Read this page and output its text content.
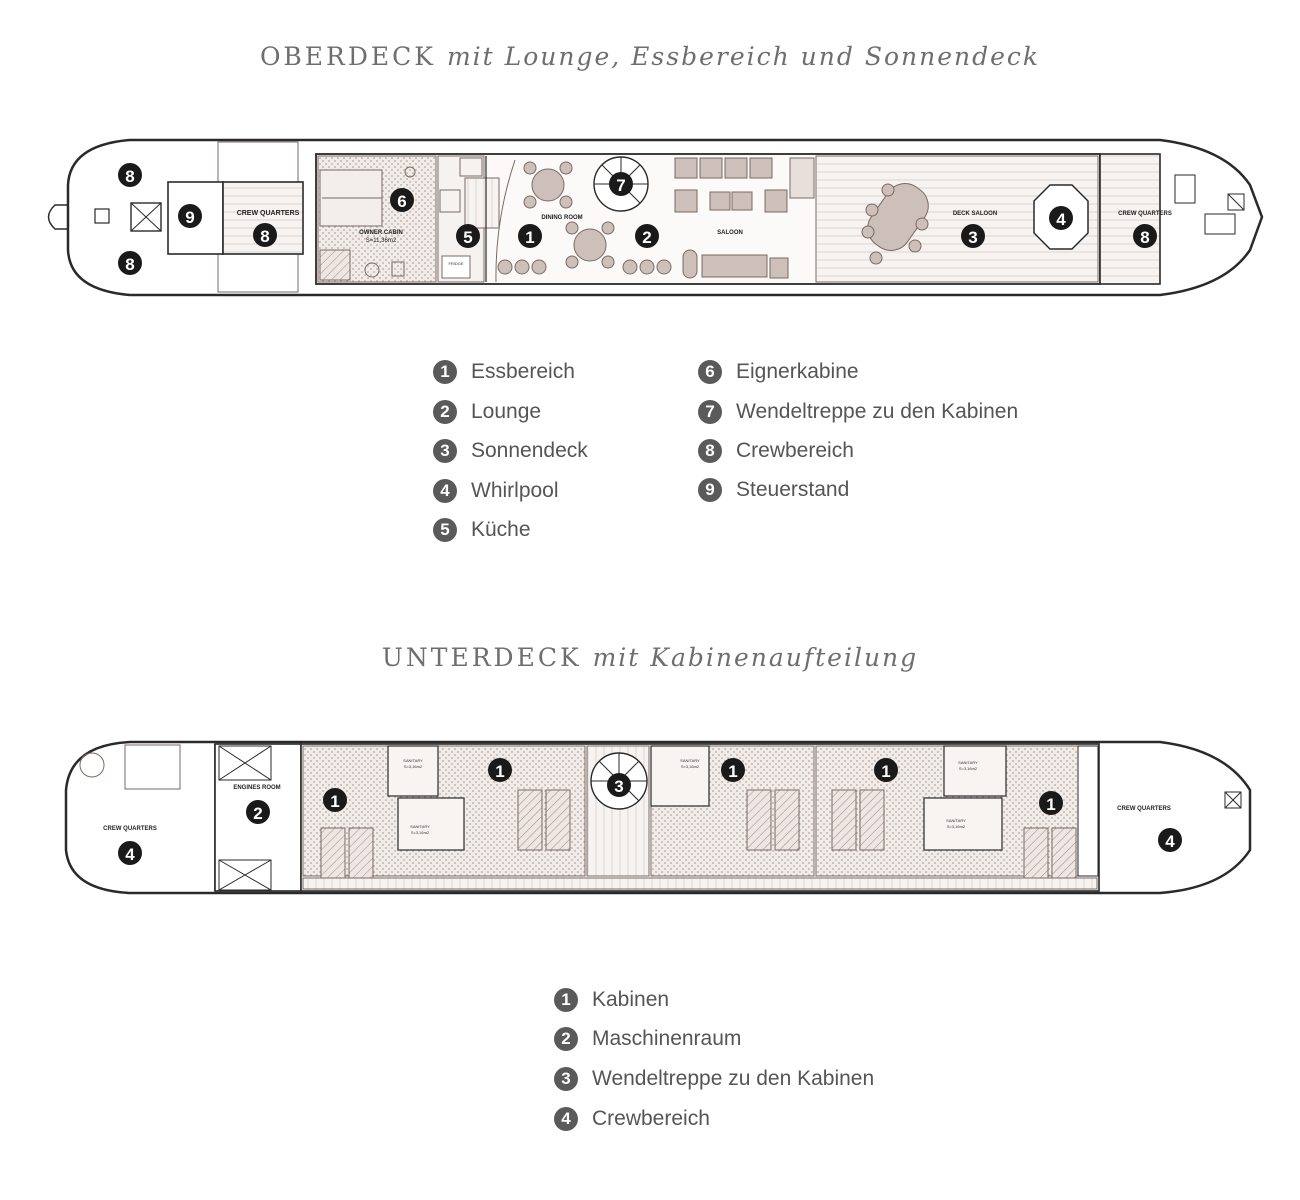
OBERDECK mit Lounge, Essbereich und Sonnendeck
CREW QUARTERS
OWNER CABIN
S=11,36m2
FRIDGE
DINING ROOM
SALOON
DECK SALOON	CREW QUARTERS
8
8
9
8
6
5	1
7
2	3
4
8
1	Essbereich
2	Lounge
3	Sonnendeck
4	Whirlpool
5	Küche
6	Eignerkabine
7	Wendeltreppe zu den Kabinen
8	Crewbereich
9	Steuerstand
UNTERDECK mit Kabinenaufteilung
CREW QUARTERS
ENGINES ROOM
SANITARY
S=3,16m2
SANITARY
S=3,16m2
SANITARY
S=3,16m2
SANITARY
S=3,16m2
SANITARY
S=3,16m2
CREW QUARTERS
4
2
1
1
3
1	1
1
4
1	Kabinen
2	Maschinenraum
3	Wendeltreppe zu den Kabinen
4	Crewbereich
